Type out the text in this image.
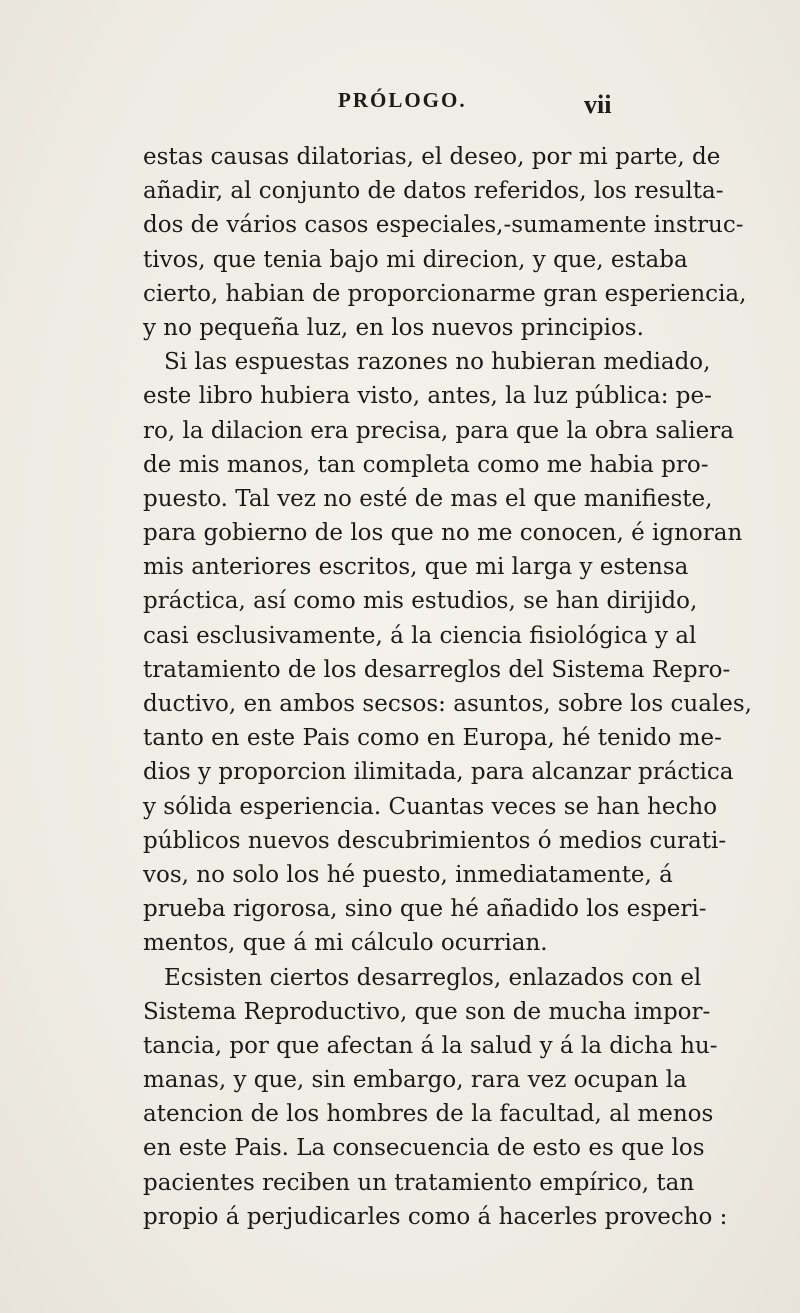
PRÓLOGO.	vii
estas causas dilatorias, el deseo, por mi parte, de
añadir, al conjunto de datos referidos, los resulta-
dos de vários casos especiales,-sumamente instruc-
tivos, que tenia bajo mi direcion, y que, estaba
cierto, habian de proporcionarme gran esperiencia,
y no pequeña luz, en los nuevos principios.
Si las espuestas razones no hubieran mediado,
este libro hubiera visto, antes, la luz pública: pe-
ro, la dilacion era precisa, para que la obra saliera
de mis manos, tan completa como me habia pro-
puesto. Tal vez no esté de mas el que manifieste,
para gobierno de los que no me conocen, é ignoran
mis anteriores escritos, que mi larga y estensa
práctica, así como mis estudios, se han dirijido,
casi esclusivamente, á la ciencia fisiológica y al
tratamiento de los desarreglos del Sistema Repro-
ductivo, en ambos secsos: asuntos, sobre los cuales,
tanto en este Pais como en Europa, hé tenido me-
dios y proporcion ilimitada, para alcanzar práctica
y sólida esperiencia. Cuantas veces se han hecho
públicos nuevos descubrimientos ó medios curati-
vos, no solo los hé puesto, inmediatamente, á
prueba rigorosa, sino que hé añadido los esperi-
mentos, que á mi cálculo ocurrian.
Ecsisten ciertos desarreglos, enlazados con el
Sistema Reproductivo, que son de mucha impor-
tancia, por que afectan á la salud y á la dicha hu-
manas, y que, sin embargo, rara vez ocupan la
atencion de los hombres de la facultad, al menos
en este Pais. La consecuencia de esto es que los
pacientes reciben un tratamiento empírico, tan
propio á perjudicarles como á hacerles provecho :
